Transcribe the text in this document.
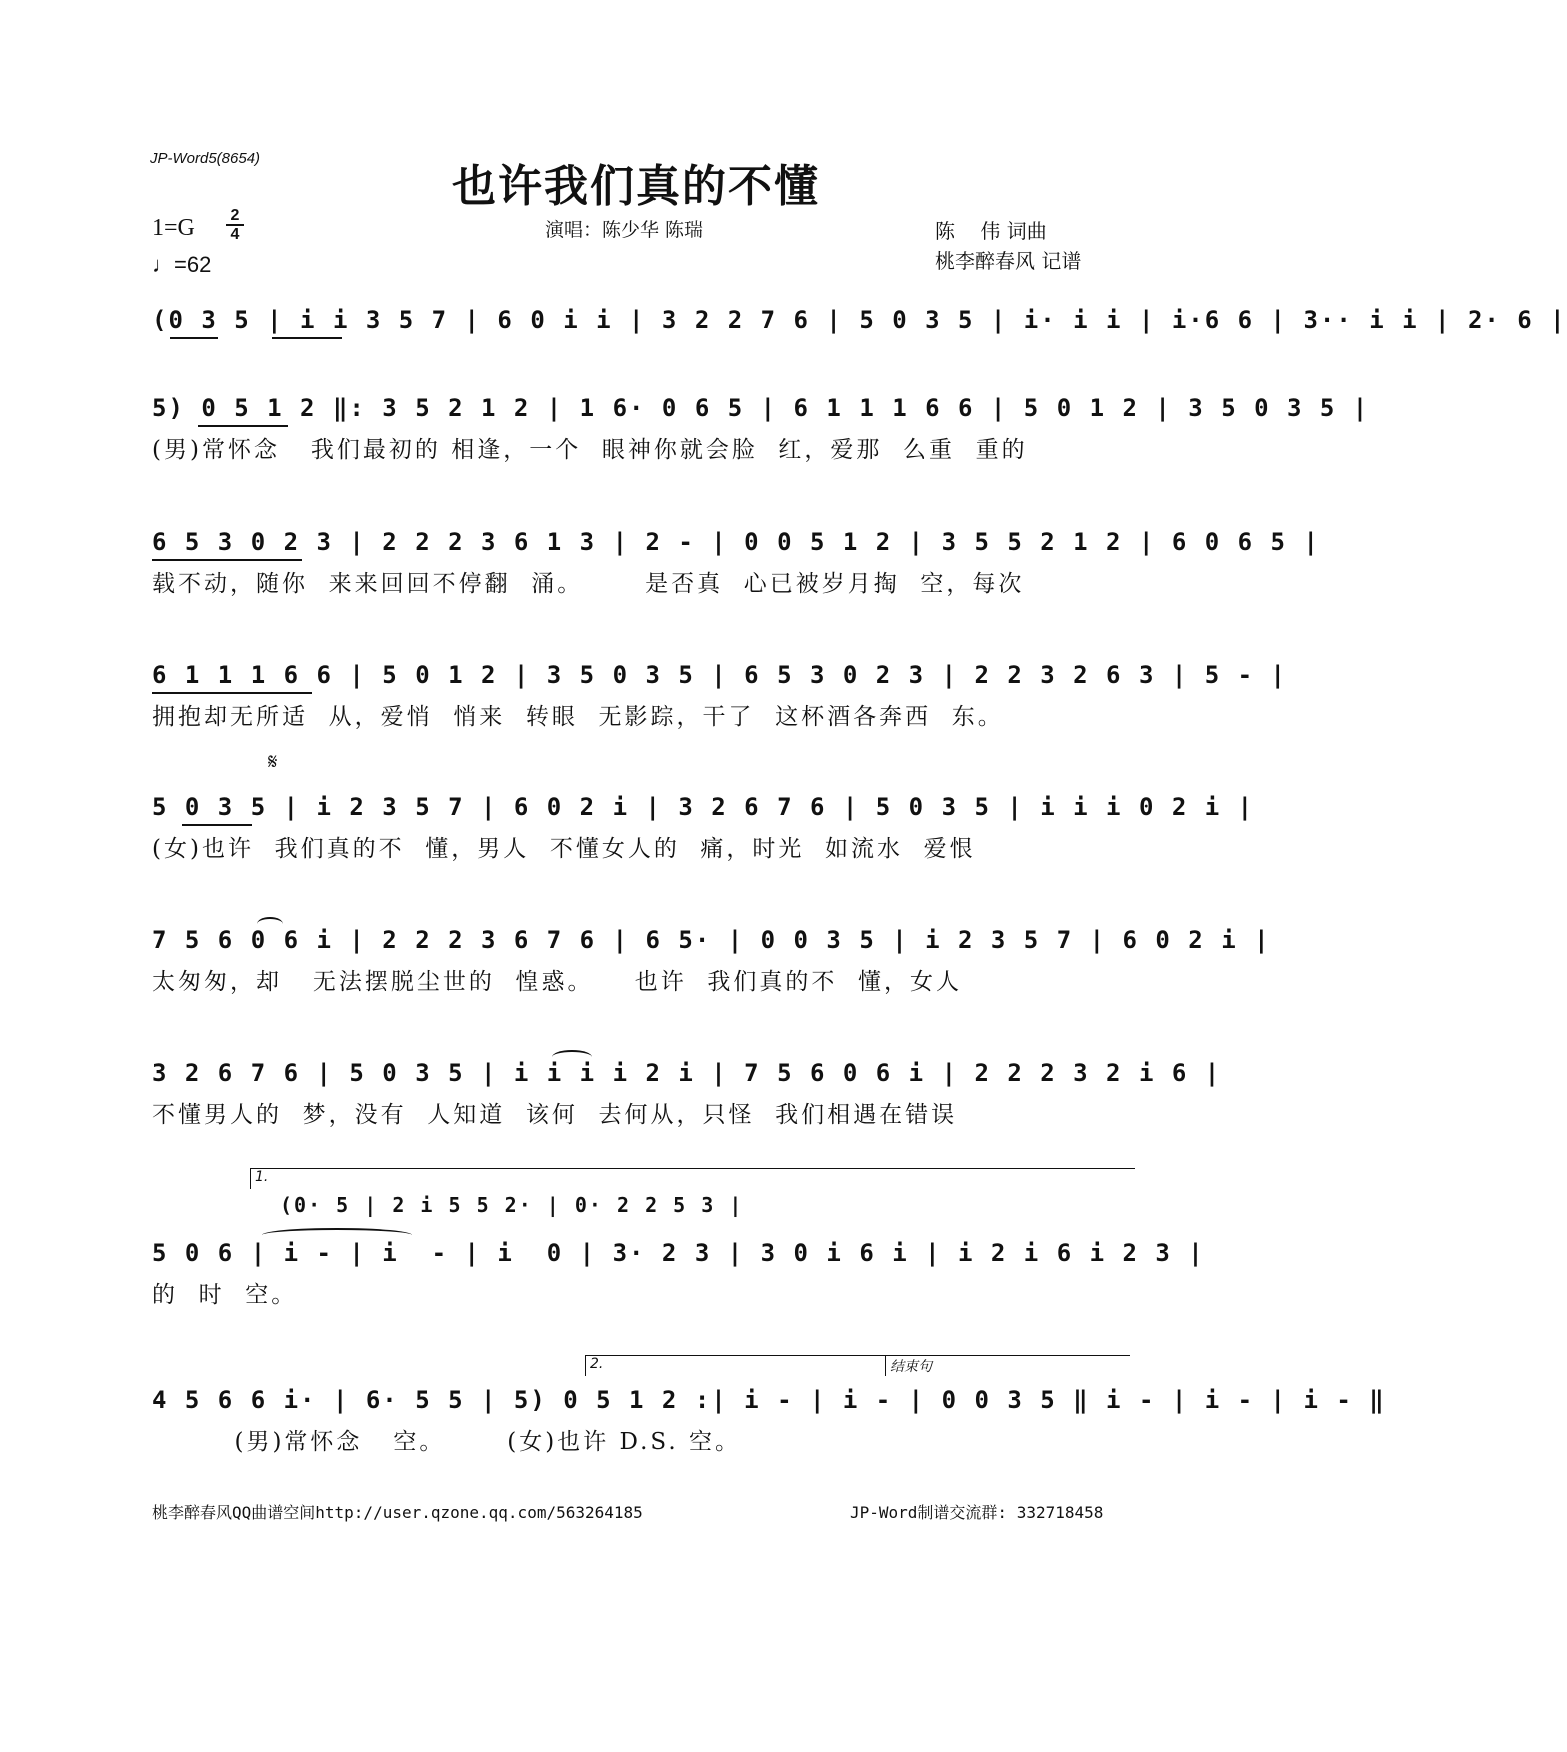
JP-Word5(8654)
也许我们真的不懂
1=G 2
4
♩=62
演唱：陈少华 陈瑞	陈    伟 词曲
桃李醉春风 记谱
(0 3 5 | i i 3 5 7 | 6 0 i i | 3 2 2 7 6 | 5 0 3 5 | i· i i | i·6 6 | 3·· i i | 2· 6 |
5) 0 5 1 2 ‖: 3 5 2 1 2 | 1 6· 0 6 5 | 6 1 1 1 6 6 | 5 0 1 2 | 3 5 0 3 5 |
(男)常怀念   我们最初的 相逢，一个  眼神你就会脸  红，爱那  么重  重的
6 5 3 0 2 3 | 2 2 2 3 6 1 3 | 2 - | 0 0 5 1 2 | 3 5 5 2 1 2 | 6 0 6 5 |
载不动，随你  来来回回不停翻  涌。      是否真  心已被岁月掏  空，每次
6 1 1 1 6 6 | 5 0 1 2 | 3 5 0 3 5 | 6 5 3 0 2 3 | 2 2 3 2 6 3 | 5 - |
拥抱却无所适  从，爱悄  悄来  转眼  无影踪，干了  这杯酒各奔西  东。
𝄋
5 0 3 5 | i 2 3 5 7 | 6 0 2 i | 3 2 6 7 6 | 5 0 3 5 | i i i 0 2 i |
(女)也许  我们真的不  懂，男人  不懂女人的  痛，时光  如流水  爱恨
7 5 6 0 6 i | 2 2 2 3 6 7 6 | 6 5· | 0 0 3 5 | i 2 3 5 7 | 6 0 2 i |
太匆匆，却   无法摆脱尘世的  惶惑。    也许  我们真的不  懂，女人
3 2 6 7 6 | 5 0 3 5 | i i i i 2 i | 7 5 6 0 6 i | 2 2 2 3 2 i 6 |
不懂男人的  梦，没有  人知道  该何  去何从，只怪  我们相遇在错误
1.
(0· 5 | 2 i 5 5 2· | 0· 2 2 5 3 |
5 0 6 | i - | i  - | i  0 | 3· 2 3 | 3 0 i 6 i | i 2 i 6 i 2 3 |
的  时  空。
2.	结束句
4 5 6 6 i· | 6· 5 5 | 5) 0 5 1 2 :| i - | i - | 0 0 3 5 ‖ i - | i - | i - ‖
(男)常怀念   空。      (女)也许 D.S. 空。
桃李醉春风QQ曲谱空间http://user.qzone.qq.com/563264185	JP-Word制谱交流群: 332718458
